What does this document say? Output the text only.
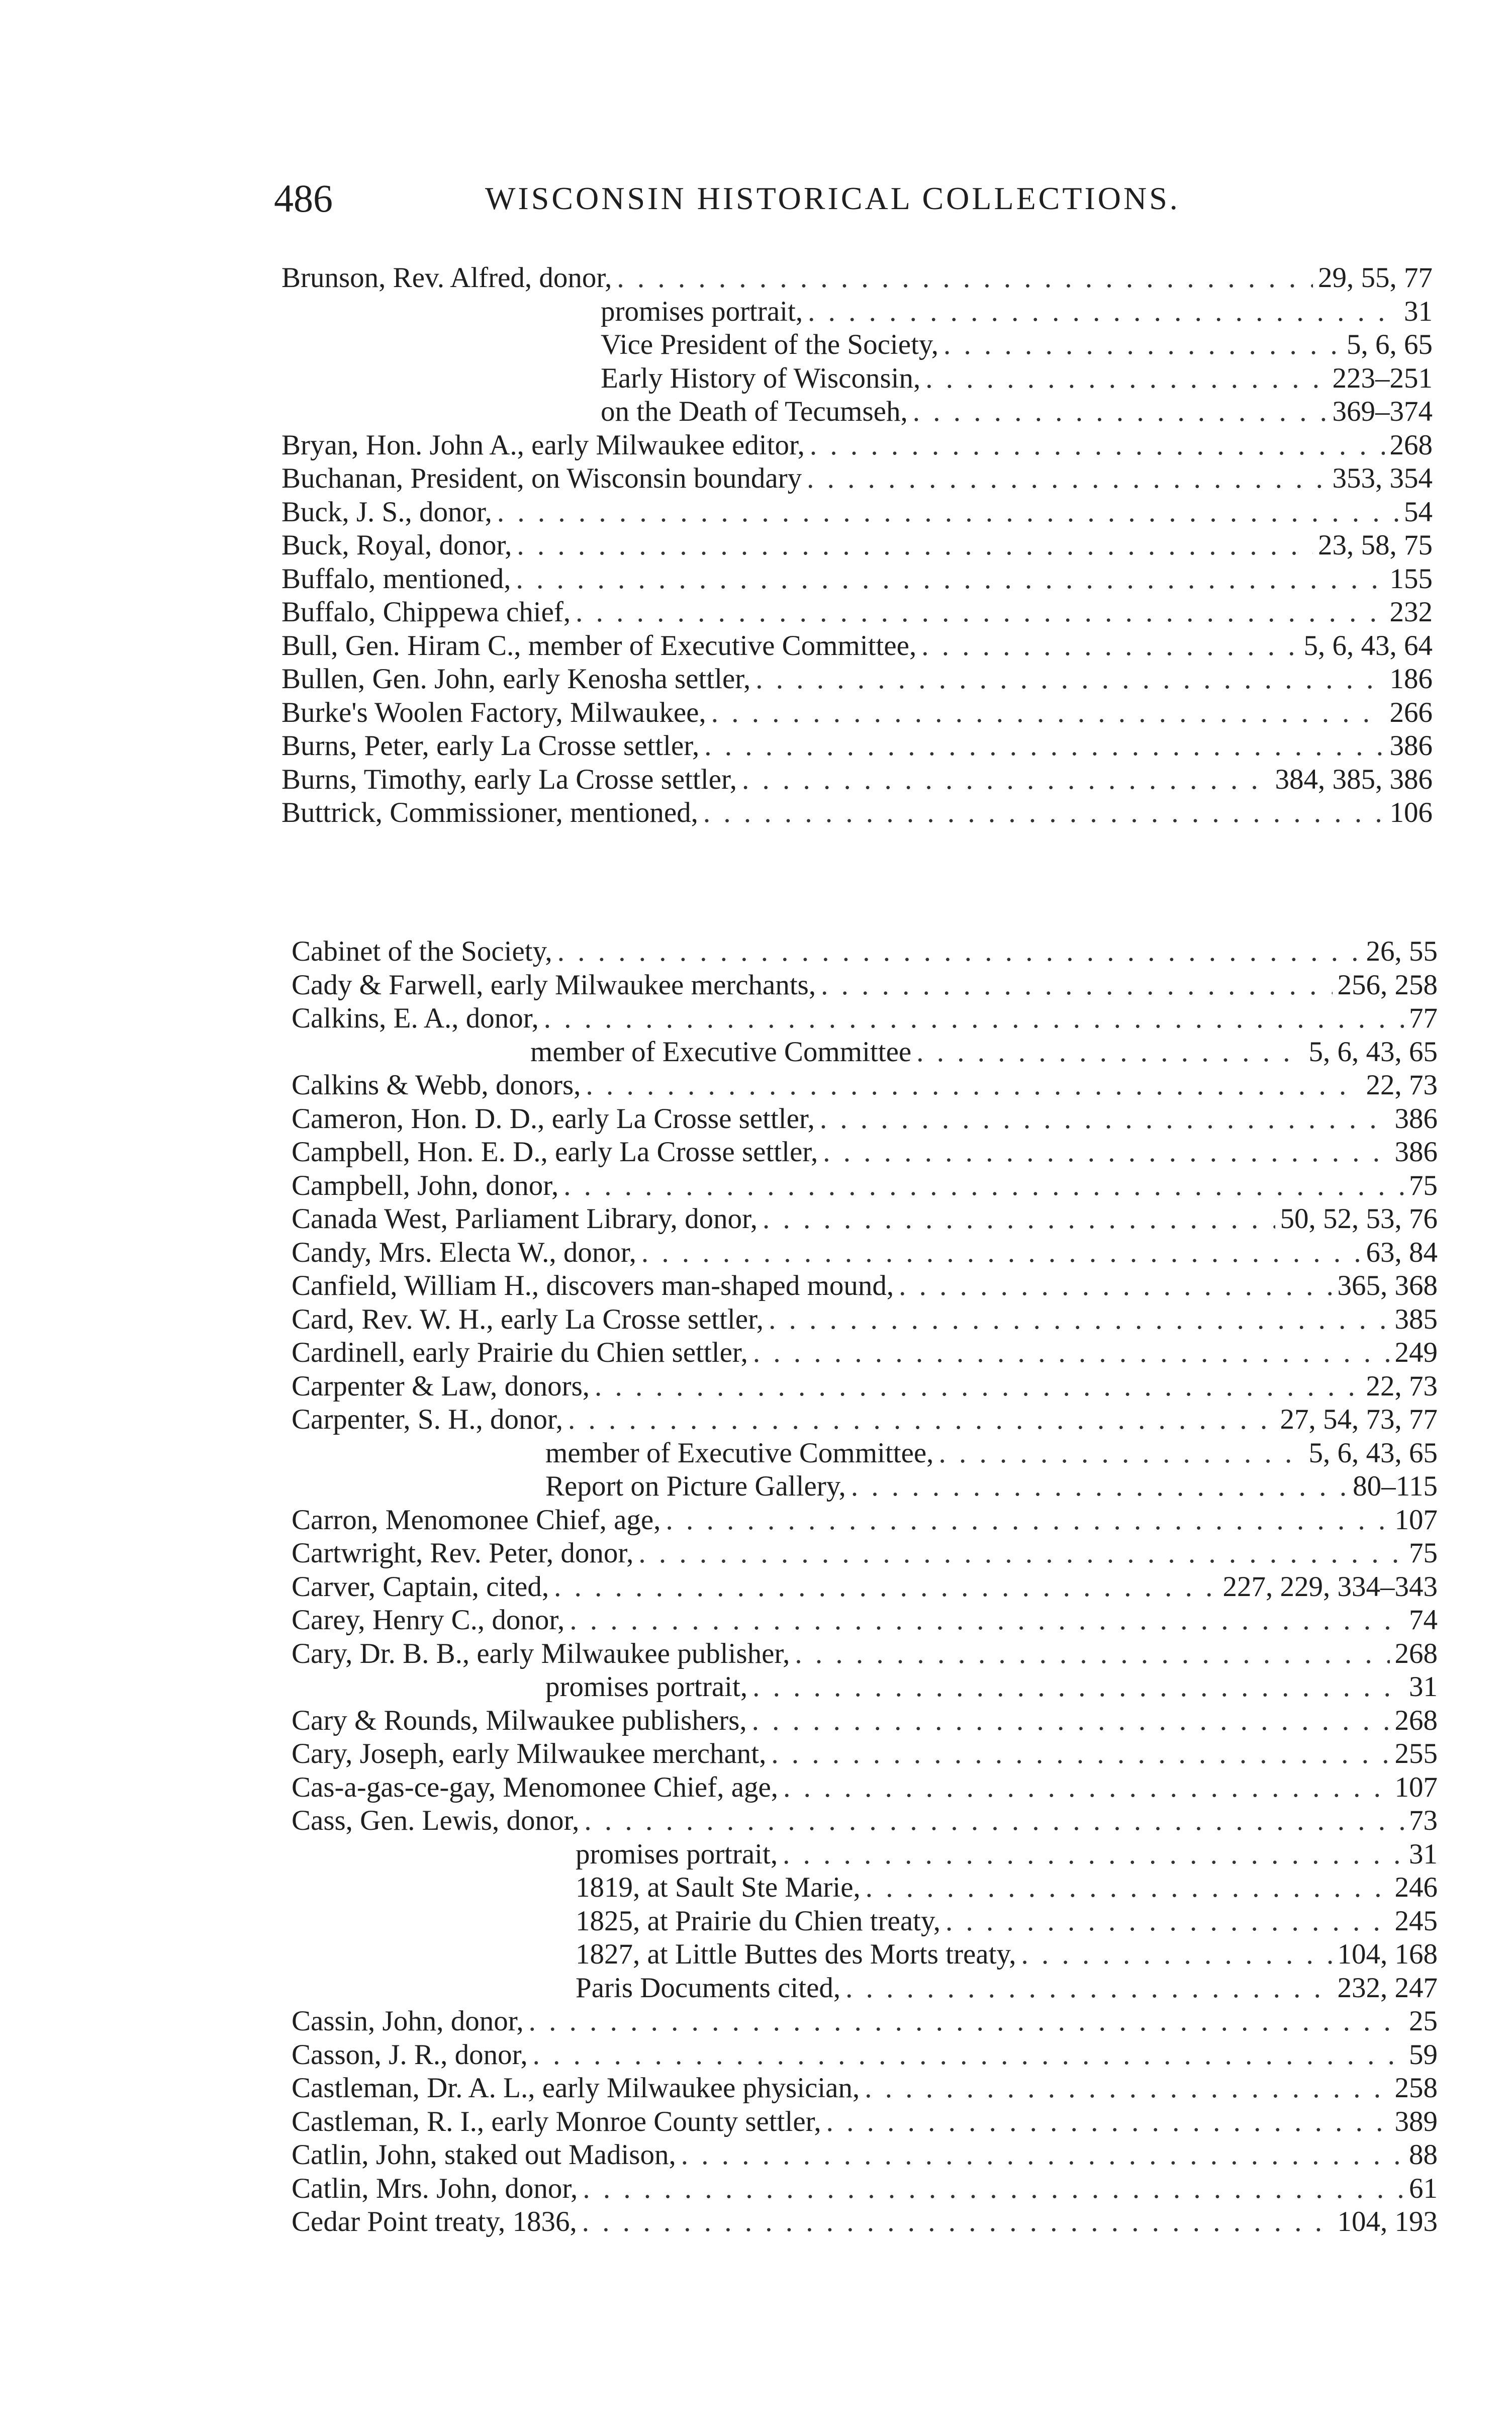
486	WISCONSIN HISTORICAL COLLECTIONS.
Brunson, Rev. Alfred, donor, . . .	29, 55, 77
promises portrait, . . .	31
Vice President of the Society, . . .	5, 6, 65
Early History of Wisconsin, . . .	223–251
on the Death of Tecumseh, . . .	369–374
Bryan, Hon. John A., early Milwaukee editor, . . .	268
Buchanan, President, on Wisconsin boundary . . .	353, 354
Buck, J. S., donor, . . .	54
Buck, Royal, donor, . . .	23, 58, 75
Buffalo, mentioned, . . .	155
Buffalo, Chippewa chief, . . .	232
Bull, Gen. Hiram C., member of Executive Committee, . . .	5, 6, 43, 64
Bullen, Gen. John, early Kenosha settler, . . .	186
Burke's Woolen Factory, Milwaukee, . . .	266
Burns, Peter, early La Crosse settler, . . .	386
Burns, Timothy, early La Crosse settler, . . .	384, 385, 386
Buttrick, Commissioner, mentioned, . . .	106
Cabinet of the Society, . . .	26, 55
Cady & Farwell, early Milwaukee merchants, . . .	256, 258
Calkins, E. A., donor, . . .	77
member of Executive Committee . . .	5, 6, 43, 65
Calkins & Webb, donors, . . .	22, 73
Cameron, Hon. D. D., early La Crosse settler, . . .	386
Campbell, Hon. E. D., early La Crosse settler, . . .	386
Campbell, John, donor, . . .	75
Canada West, Parliament Library, donor, . . .	50, 52, 53, 76
Candy, Mrs. Electa W., donor, . . .	63, 84
Canfield, William H., discovers man-shaped mound, . . .	365, 368
Card, Rev. W. H., early La Crosse settler, . . .	385
Cardinell, early Prairie du Chien settler, . . .	249
Carpenter & Law, donors, . . .	22, 73
Carpenter, S. H., donor, . . .	27, 54, 73, 77
member of Executive Committee, . . .	5, 6, 43, 65
Report on Picture Gallery, . . .	80–115
Carron, Menomonee Chief, age, . . .	107
Cartwright, Rev. Peter, donor, . . .	75
Carver, Captain, cited, . . .	227, 229, 334–343
Carey, Henry C., donor, . . .	74
Cary, Dr. B. B., early Milwaukee publisher, . . .	268
promises portrait, . . .	31
Cary & Rounds, Milwaukee publishers, . . .	268
Cary, Joseph, early Milwaukee merchant, . . .	255
Cas-a-gas-ce-gay, Menomonee Chief, age, . . .	107
Cass, Gen. Lewis, donor, . . .	73
promises portrait, . . .	31
1819, at Sault Ste Marie, . . .	246
1825, at Prairie du Chien treaty, . . .	245
1827, at Little Buttes des Morts treaty, . . .	104, 168
Paris Documents cited, . . .	232, 247
Cassin, John, donor, . . .	25
Casson, J. R., donor, . . .	59
Castleman, Dr. A. L., early Milwaukee physician, . . .	258
Castleman, R. I., early Monroe County settler, . . .	389
Catlin, John, staked out Madison, . . .	88
Catlin, Mrs. John, donor, . . .	61
Cedar Point treaty, 1836, . . .	104, 193
